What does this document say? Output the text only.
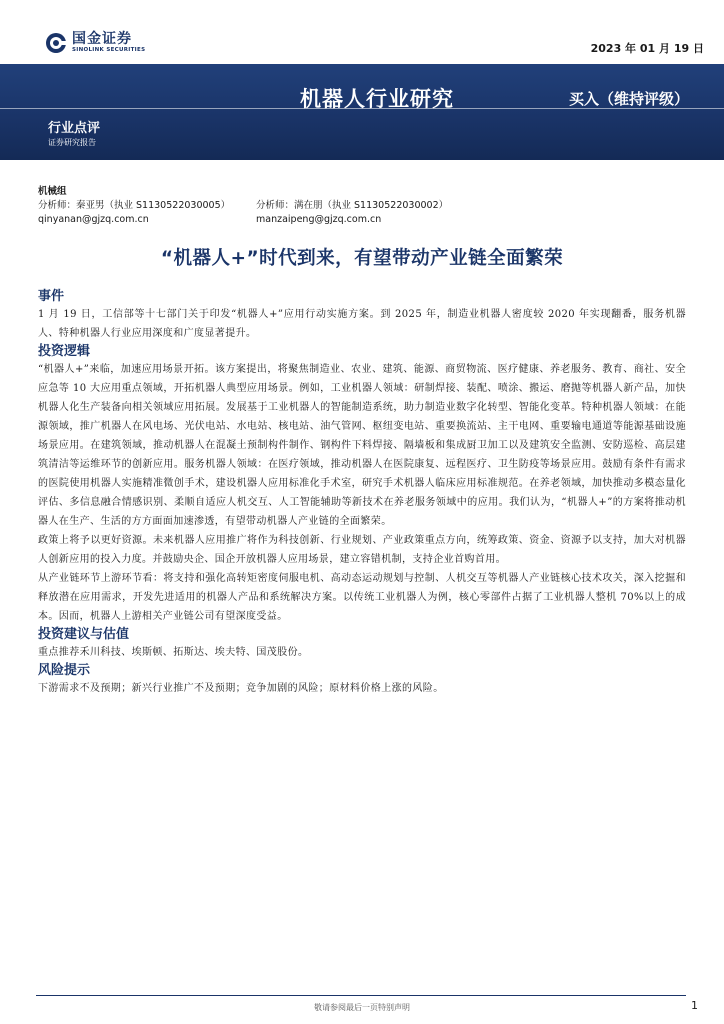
国金证券
SINOLINK SECURITIES	2023 年 01 月 19 日
机器人行业研究	买入（维持评级）
行业点评
证券研究报告
机械组
分析师：秦亚男（执业 S1130522030005）	分析师：满在朋（执业 S1130522030002）
qinyanan@gjzq.com.cn	manzaipeng@gjzq.com.cn
“机器人+”时代到来，有望带动产业链全面繁荣
事件

1 月 19 日，工信部等十七部门关于印发“机器人+”应用行动实施方案。到 2025 年，制造业机器人密度较 2020 年实现翻番，服务机器人、特种机器人行业应用深度和广度显著提升。

投资逻辑

“机器人+”来临，加速应用场景开拓。该方案提出，将聚焦制造业、农业、建筑、能源、商贸物流、医疗健康、养老服务、教育、商社、安全应急等 10 大应用重点领域，开拓机器人典型应用场景。例如，工业机器人领域：研制焊接、装配、喷涂、搬运、磨抛等机器人新产品，加快机器人化生产装备向相关领域应用拓展。发展基于工业机器人的智能制造系统，助力制造业数字化转型、智能化变革。特种机器人领域：在能源领域，推广机器人在风电场、光伏电站、水电站、核电站、油气管网、枢纽变电站、重要换流站、主干电网、重要输电通道等能源基础设施场景应用。在建筑领域，推动机器人在混凝土预制构件制作、钢构件下料焊接、隔墙板和集成厨卫加工以及建筑安全监测、安防巡检、高层建筑清洁等运维环节的创新应用。服务机器人领域：在医疗领域，推动机器人在医院康复、远程医疗、卫生防疫等场景应用。鼓励有条件有需求的医院使用机器人实施精准微创手术，建设机器人应用标准化手术室，研究手术机器人临床应用标准规范。在养老领域，加快推动多模态量化评估、多信息融合情感识别、柔顺自适应人机交互、人工智能辅助等新技术在养老服务领域中的应用。我们认为，“机器人+”的方案将推动机器人在生产、生活的方方面面加速渗透，有望带动机器人产业链的全面繁荣。

政策上将予以更好资源。未来机器人应用推广将作为科技创新、行业规划、产业政策重点方向，统筹政策、资金、资源予以支持，加大对机器人创新应用的投入力度。并鼓励央企、国企开放机器人应用场景，建立容错机制，支持企业首购首用。

从产业链环节上游环节看：将支持和强化高转矩密度伺服电机、高动态运动规划与控制、人机交互等机器人产业链核心技术攻关，深入挖掘和释放潜在应用需求，开发先进适用的机器人产品和系统解决方案。以传统工业机器人为例，核心零部件占据了工业机器人整机 70%以上的成本。因而，机器人上游相关产业链公司有望深度受益。

投资建议与估值

重点推荐禾川科技、埃斯顿、拓斯达、埃夫特、国茂股份。

风险提示

下游需求不及预期；新兴行业推广不及预期；竞争加剧的风险；原材料价格上涨的风险。

敬请参阅最后一页特别声明	1
